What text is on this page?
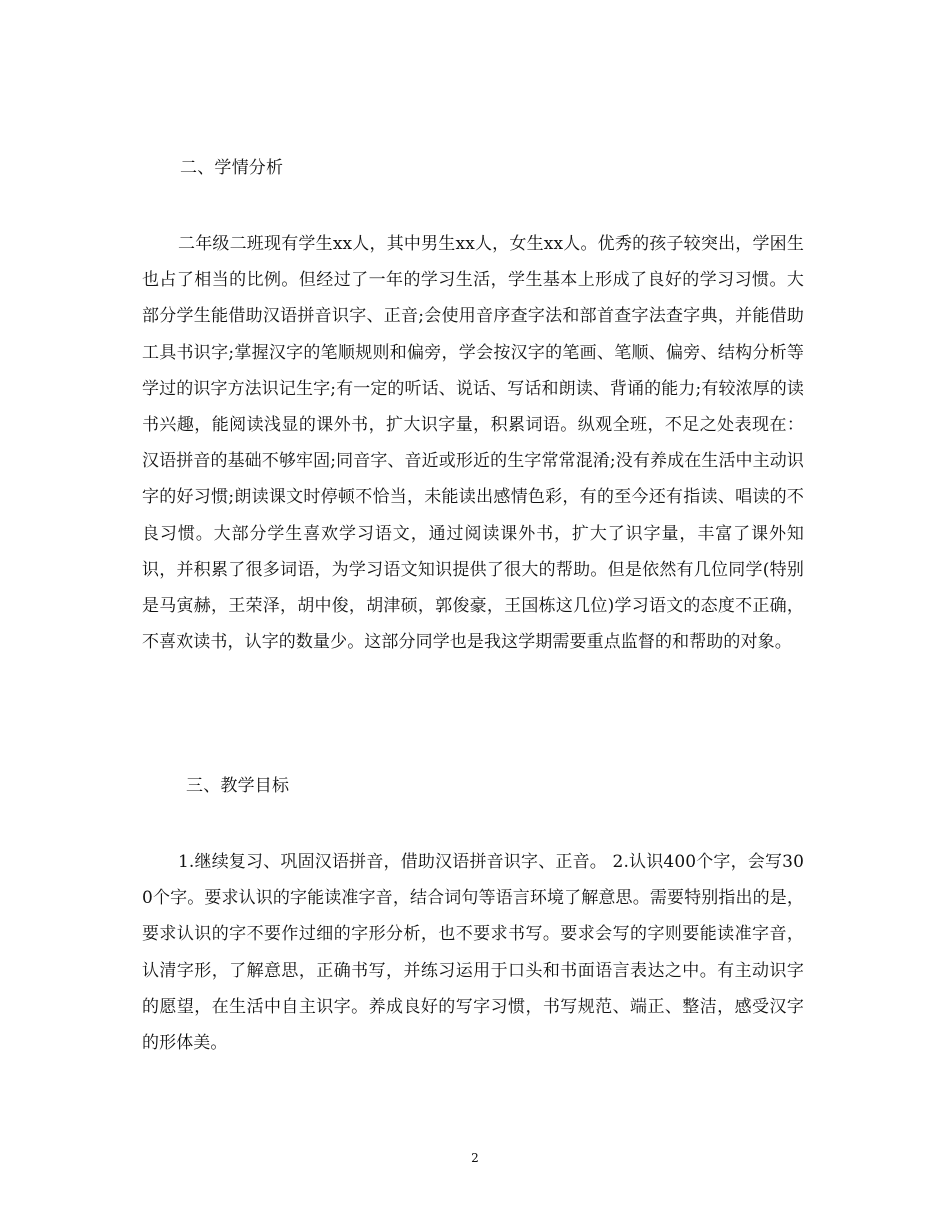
二、学情分析

二年级二班现有学生xx人，其中男生xx人，女生xx人。优秀的孩子较突出，学困生也占了相当的比例。但经过了一年的学习生活，学生基本上形成了良好的学习习惯。大部分学生能借助汉语拼音识字、正音;会使用音序查字法和部首查字法查字典，并能借助工具书识字;掌握汉字的笔顺规则和偏旁，学会按汉字的笔画、笔顺、偏旁、结构分析等学过的识字方法识记生字;有一定的听话、说话、写话和朗读、背诵的能力;有较浓厚的读书兴趣，能阅读浅显的课外书，扩大识字量，积累词语。纵观全班，不足之处表现在：汉语拼音的基础不够牢固;同音字、音近或形近的生字常常混淆;没有养成在生活中主动识字的好习惯;朗读课文时停顿不恰当，未能读出感情色彩，有的至今还有指读、唱读的不良习惯。大部分学生喜欢学习语文，通过阅读课外书，扩大了识字量，丰富了课外知识，并积累了很多词语，为学习语文知识提供了很大的帮助。但是依然有几位同学(特别是马寅赫，王荣泽，胡中俊，胡津硕，郭俊豪，王国栋这几位)学习语文的态度不正确，不喜欢读书，认字的数量少。这部分同学也是我这学期需要重点监督的和帮助的对象。

三、教学目标

1.继续复习、巩固汉语拼音，借助汉语拼音识字、正音。 2.认识400个字，会写300个字。要求认识的字能读准字音，结合词句等语言环境了解意思。需要特别指出的是，要求认识的字不要作过细的字形分析，也不要求书写。要求会写的字则要能读准字音，认清字形，了解意思，正确书写，并练习运用于口头和书面语言表达之中。有主动识字的愿望，在生活中自主识字。养成良好的写字习惯，书写规范、端正、整洁，感受汉字的形体美。

2
